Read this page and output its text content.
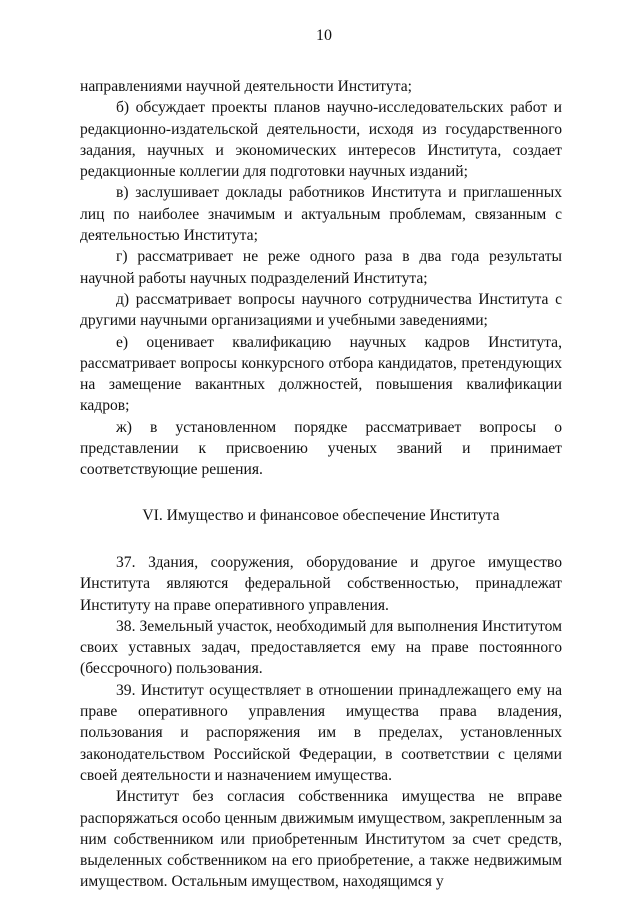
10

направлениями научной деятельности Института;

б) обсуждает проекты планов научно-исследовательских работ и редакционно-издательской деятельности, исходя из государственного задания, научных и экономических интересов Института, создает редакционные коллегии для подготовки научных изданий;

в) заслушивает доклады работников Института и приглашенных лиц по наиболее значимым и актуальным проблемам, связанным с деятельностью Института;

г) рассматривает не реже одного раза в два года результаты научной работы научных подразделений Института;

д) рассматривает вопросы научного сотрудничества Института с другими научными организациями и учебными заведениями;

е) оценивает квалификацию научных кадров Института, рассматривает вопросы конкурсного отбора кандидатов, претендующих на замещение вакантных должностей, повышения квалификации кадров;

ж) в установленном порядке рассматривает вопросы о представлении к присвоению ученых званий и принимает соответствующие решения.

VI. Имущество и финансовое обеспечение Института

37. Здания, сооружения, оборудование и другое имущество Института являются федеральной собственностью, принадлежат Институту на праве оперативного управления.

38. Земельный участок, необходимый для выполнения Институтом своих уставных задач, предоставляется ему на праве постоянного (бессрочного) пользования.

39. Институт осуществляет в отношении принадлежащего ему на праве оперативного управления имущества права владения, пользования и распоряжения им в пределах, установленных законодательством Российской Федерации, в соответствии с целями своей деятельности и назначением имущества.

Институт без согласия собственника имущества не вправе распоряжаться особо ценным движимым имуществом, закрепленным за ним собственником или приобретенным Институтом за счет средств, выделенных собственником на его приобретение, а также недвижимым имуществом. Остальным имуществом, находящимся у
